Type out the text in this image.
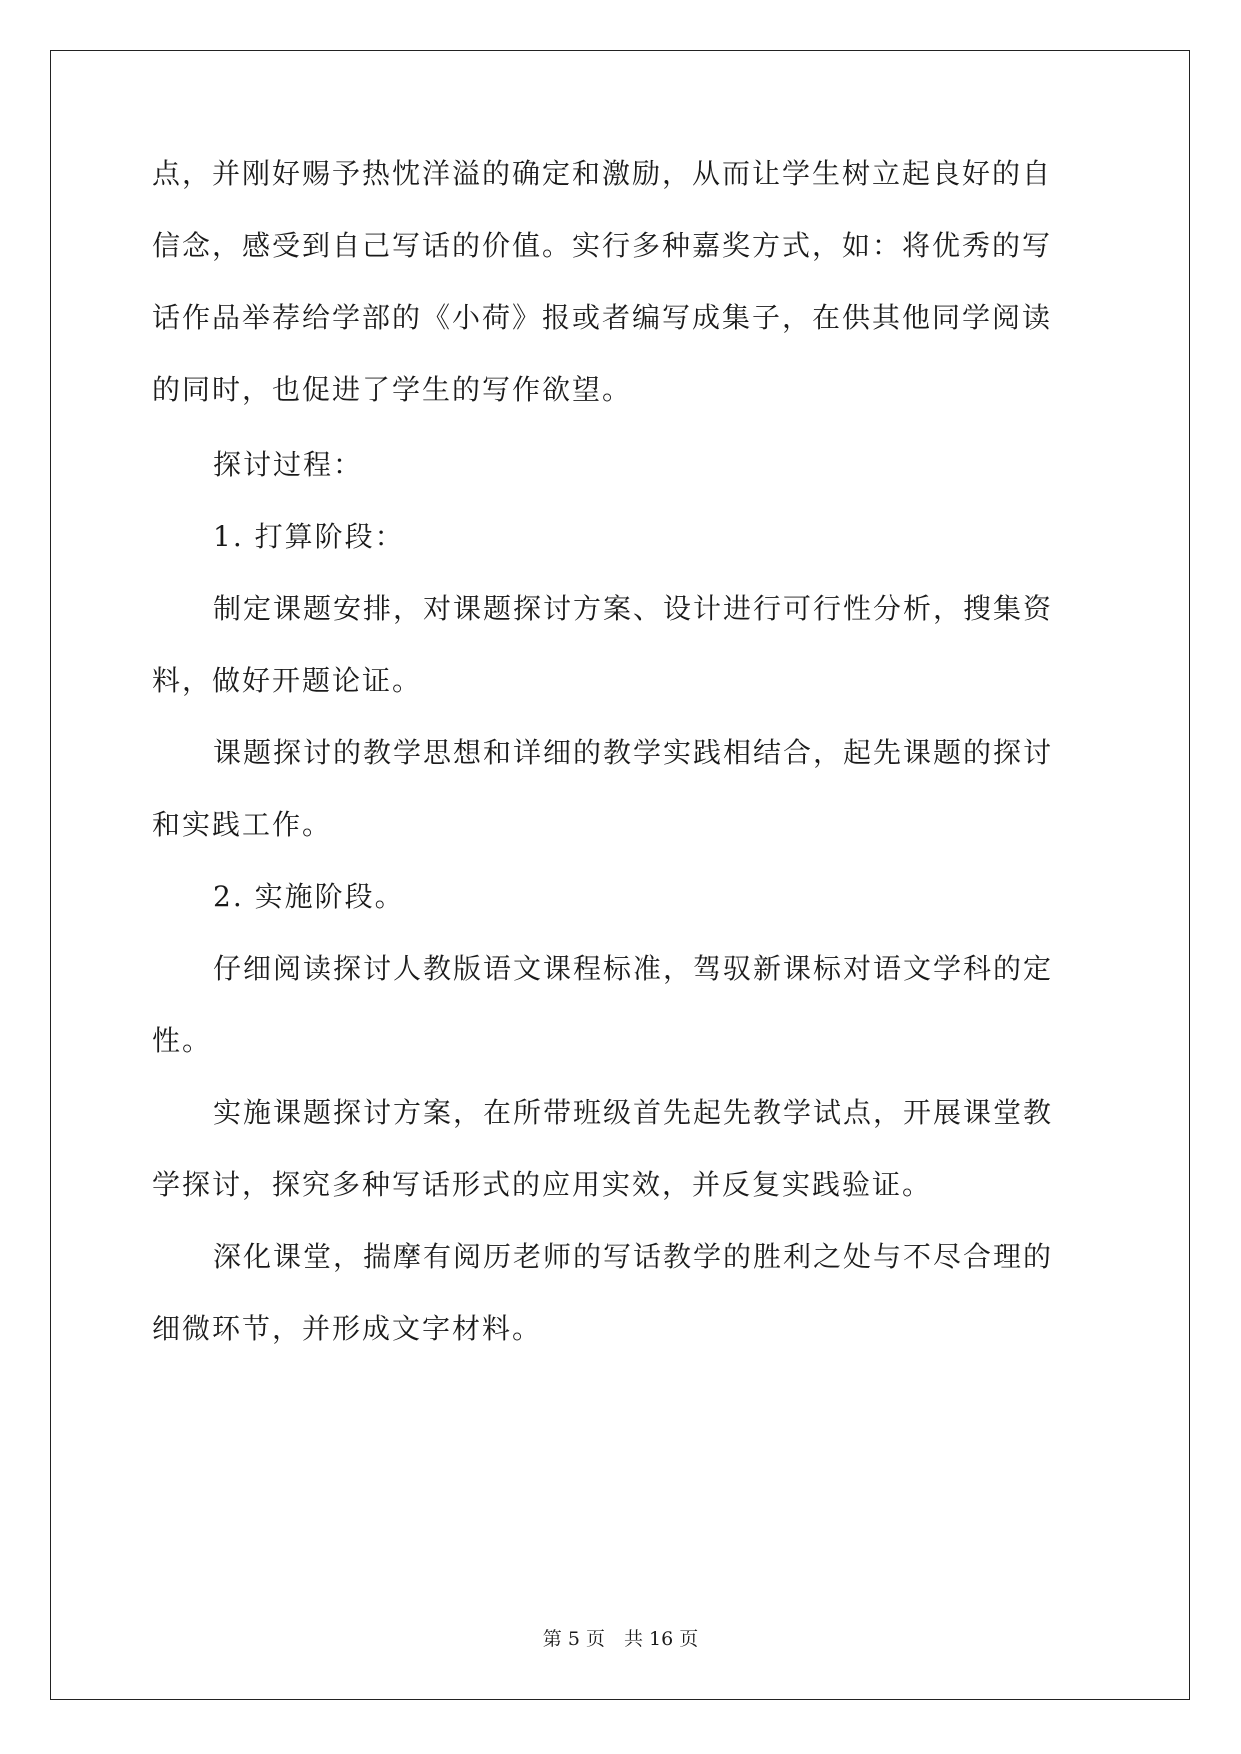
点，并刚好赐予热忱洋溢的确定和激励，从而让学生树立起良好的自
信念，感受到自己写话的价值。实行多种嘉奖方式，如：将优秀的写
话作品举荐给学部的《小荷》报或者编写成集子，在供其他同学阅读
的同时，也促进了学生的写作欲望。
探讨过程：
1. 打算阶段：
制定课题安排，对课题探讨方案、设计进行可行性分析，搜集资
料，做好开题论证。
课题探讨的教学思想和详细的教学实践相结合，起先课题的探讨
和实践工作。
2. 实施阶段。
仔细阅读探讨人教版语文课程标准，驾驭新课标对语文学科的定
性。
实施课题探讨方案，在所带班级首先起先教学试点，开展课堂教
学探讨，探究多种写话形式的应用实效，并反复实践验证。
深化课堂，揣摩有阅历老师的写话教学的胜利之处与不尽合理的
细微环节，并形成文字材料。
第 5 页　共 16 页
